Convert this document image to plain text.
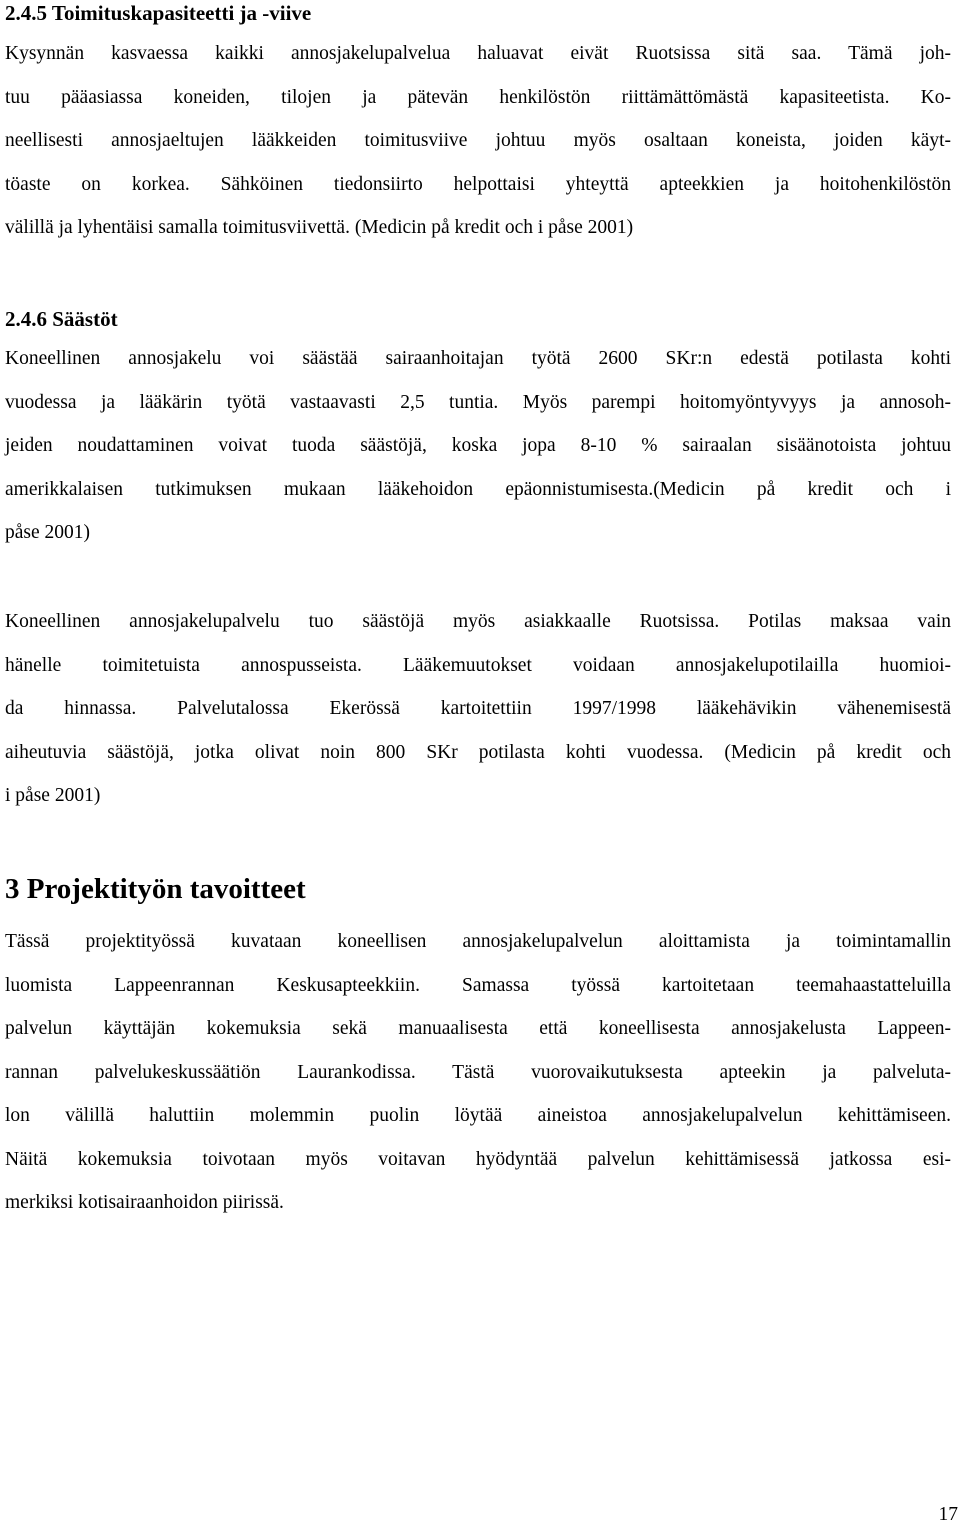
2.4.5 Toimituskapasiteetti ja -viive
Kysynnän kasvaessa kaikki annosjakelupalvelua haluavat eivät Ruotsissa sitä saa. Tämä joh-
tuu pääasiassa koneiden, tilojen ja pätevän henkilöstön riittämättömästä kapasiteetista. Ko-
neellisesti annosjaeltujen lääkkeiden toimitusviive johtuu myös osaltaan koneista, joiden käyt-
töaste on korkea. Sähköinen tiedonsiirto helpottaisi yhteyttä apteekkien ja hoitohenkilöstön
välillä ja lyhentäisi samalla toimitusviivettä. (Medicin på kredit och i påse 2001)
2.4.6 Säästöt
Koneellinen annosjakelu voi säästää sairaanhoitajan työtä 2600 SKr:n edestä potilasta kohti
vuodessa ja lääkärin työtä vastaavasti 2,5 tuntia. Myös parempi hoitomyöntyvyys ja annosoh-
jeiden noudattaminen voivat tuoda säästöjä, koska jopa 8-10 % sairaalan sisäänotoista johtuu
amerikkalaisen tutkimuksen mukaan lääkehoidon epäonnistumisesta.(Medicin på kredit och i
påse 2001)
Koneellinen annosjakelupalvelu tuo säästöjä myös asiakkaalle Ruotsissa. Potilas maksaa vain
hänelle toimitetuista annospusseista. Lääkemuutokset voidaan annosjakelupotilailla huomioi-
da hinnassa. Palvelutalossa Ekerössä kartoitettiin 1997/1998 lääkehävikin vähenemisestä
aiheutuvia säästöjä, jotka olivat noin 800 SKr potilasta kohti vuodessa. (Medicin på kredit och
i påse 2001)
3 Projektityön tavoitteet
Tässä projektityössä kuvataan koneellisen annosjakelupalvelun aloittamista ja toimintamallin
luomista Lappeenrannan Keskusapteekkiin. Samassa työssä kartoitetaan teemahaastatteluilla
palvelun käyttäjän kokemuksia sekä manuaalisesta että koneellisesta annosjakelusta Lappeen-
rannan palvelukeskussäätiön Laurankodissa. Tästä vuorovaikutuksesta apteekin ja palveluta-
lon välillä haluttiin molemmin puolin löytää aineistoa annosjakelupalvelun kehittämiseen.
Näitä kokemuksia toivotaan myös voitavan hyödyntää palvelun kehittämisessä jatkossa esi-
merkiksi kotisairaanhoidon piirissä.
17
